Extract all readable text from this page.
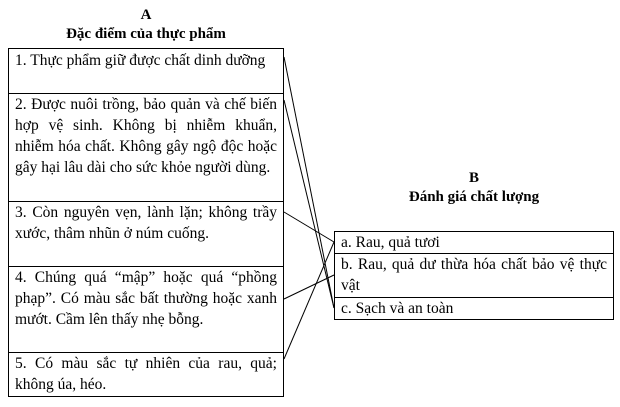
A
Đặc điểm của thực phẩm
1. Thực phẩm giữ được chất dinh dưỡng
2. Được nuôi trồng, bảo quản và chế biến hợp vệ sinh. Không bị nhiễm khuẩn, nhiễm hóa chất. Không gây ngộ độc hoặc gây hại lâu dài cho sức khỏe người dùng.
3. Còn nguyên vẹn, lành lặn; không trầy xước, thâm nhũn ở núm cuống.
4. Chúng quá “mập” hoặc quá “phồng phạp”. Có màu sắc bất thường hoặc xanh mướt. Cầm lên thấy nhẹ bỗng.
5. Có màu sắc tự nhiên của rau, quả; không úa, héo.
B
Đánh giá chất lượng
a. Rau, quả tươi
b. Rau, quả dư thừa hóa chất bảo vệ thực vật
c. Sạch và an toàn
